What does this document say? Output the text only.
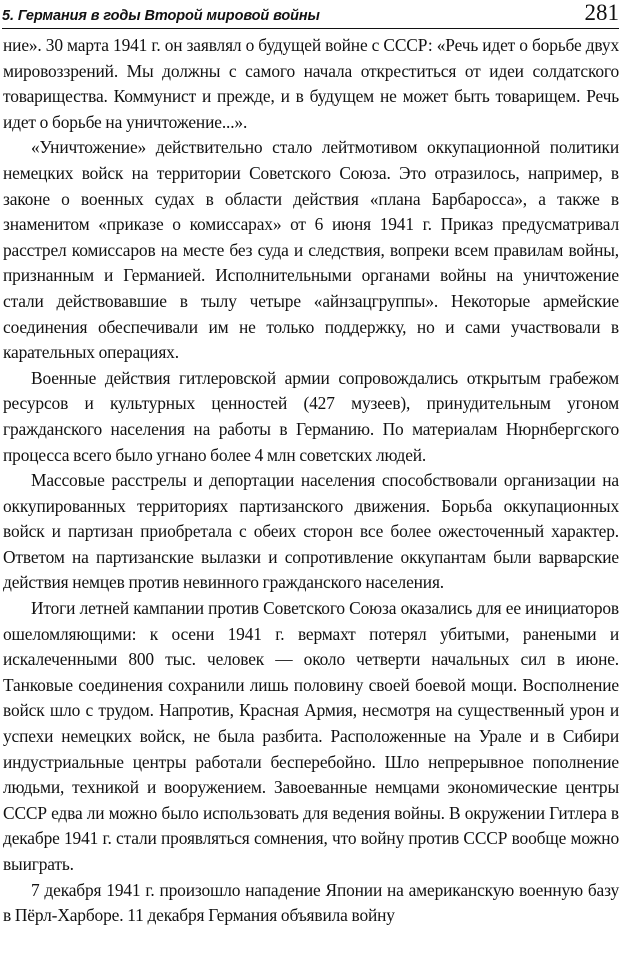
5. Германия в годы Второй мировой войны	281

ние». 30 марта 1941 г. он заявлял о будущей войне с СССР: «Речь идет о борьбе двух мировоззрений. Мы должны с самого начала откреститься от идеи солдатского товарищества. Коммунист и прежде, и в будущем не может быть товарищем. Речь идет о борьбе на уничтожение...».

«Уничтожение» действительно стало лейтмотивом оккупационной политики немецких войск на территории Советского Союза. Это отразилось, например, в законе о военных судах в области действия «плана Барбаросса», а также в знаменитом «приказе о комиссарах» от 6 июня 1941 г. Приказ предусматривал расстрел комиссаров на месте без суда и следствия, вопреки всем правилам войны, признанным и Германией. Исполнительными органами войны на уничтожение стали действовавшие в тылу четыре «айнзацгруппы». Некоторые армейские соединения обеспечивали им не только поддержку, но и сами участвовали в карательных операциях.

Военные действия гитлеровской армии сопровождались открытым грабежом ресурсов и культурных ценностей (427 музеев), принудительным угоном гражданского населения на работы в Германию. По материалам Нюрнбергского процесса всего было угнано более 4 млн советских людей.

Массовые расстрелы и депортации населения способствовали организации на оккупированных территориях партизанского движения. Борьба оккупационных войск и партизан приобретала с обеих сторон все более ожесточенный характер. Ответом на партизанские вылазки и сопротивление оккупантам были варварские действия немцев против невинного гражданского населения.

Итоги летней кампании против Советского Союза оказались для ее инициаторов ошеломляющими: к осени 1941 г. вермахт потерял убитыми, ранеными и искалеченными 800 тыс. человек — около четверти начальных сил в июне. Танковые соединения сохранили лишь половину своей боевой мощи. Восполнение войск шло с трудом. Напротив, Красная Армия, несмотря на существенный урон и успехи немецких войск, не была разбита. Расположенные на Урале и в Сибири индустриальные центры работали бесперебойно. Шло непрерывное пополнение людьми, техникой и вооружением. Завоеванные немцами экономические центры СССР едва ли можно было использовать для ведения войны. В окружении Гитлера в декабре 1941 г. стали проявляться сомнения, что войну против СССР вообще можно выиграть.

7 декабря 1941 г. произошло нападение Японии на американскую военную базу в Пёрл-Харборе. 11 декабря Германия объявила войну
